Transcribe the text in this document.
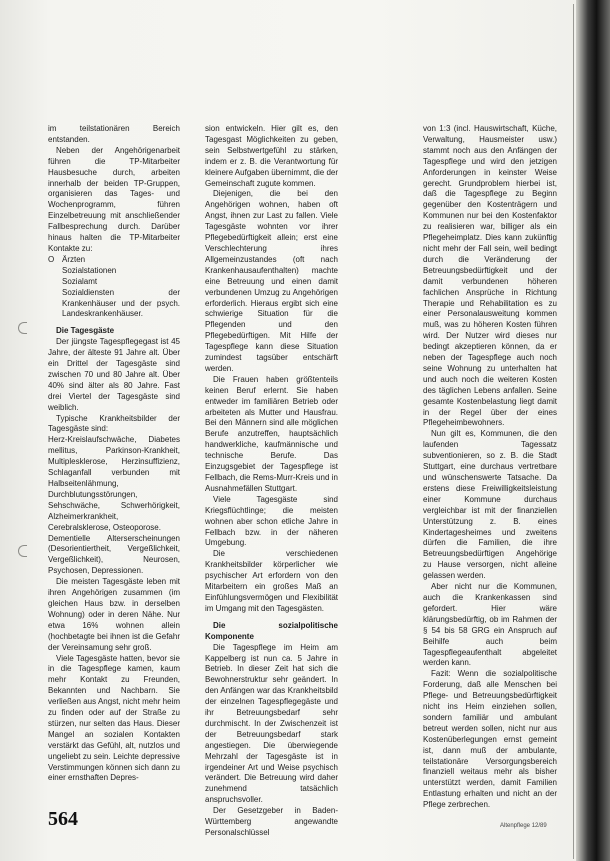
im teilstationären Bereich entstanden.

Neben der Angehörigenarbeit führen die TP-Mitarbeiter Hausbesuche durch, arbeiten innerhalb der beiden TP-Gruppen, organisieren das Tages- und Wochenprogramm, führen Einzelbetreuung mit anschließender Fallbesprechung durch. Darüber hinaus halten die TP-Mitarbeiter Kontakte zu:

O Ärzten
Sozialstationen
Sozialamt
Sozialdiensten der Krankenhäuser und der psych. Landeskrankenhäuser.

Die Tagesgäste

Der jüngste Tagespflegegast ist 45 Jahre, der älteste 91 Jahre alt. Über ein Drittel der Tagesgäste sind zwischen 70 und 80 Jahre alt. Über 40% sind älter als 80 Jahre. Fast drei Viertel der Tagesgäste sind weiblich.

Typische Krankheitsbilder der Tagesgäste sind:

Herz-Kreislaufschwäche, Diabetes mellitus, Parkinson-Krankheit, Multiplesklerose, Herzinsuffizienz, Schlaganfall verbunden mit Halbseitenlähmung, Durchblutungsstörungen, Sehschwäche, Schwerhörigkeit, Alzheimerkrankheit, Cerebralsklerose, Osteoporose.

Dementielle Alterserscheinungen (Desorientiertheit, Vergeßlichkeit, Vergeßlichkeit), Neurosen, Psychosen, Depressionen.

Die meisten Tagesgäste leben mit ihren Angehörigen zusammen (im gleichen Haus bzw. in derselben Wohnung) oder in deren Nähe. Nur etwa 16% wohnen allein (hochbetagte bei ihnen ist die Gefahr der Vereinsamung sehr groß.

Viele Tagesgäste hatten, bevor sie in die Tagespflege kamen, kaum mehr Kontakt zu Freunden, Bekannten und Nachbarn. Sie verließen aus Angst, nicht mehr heim zu finden oder auf der Straße zu stürzen, nur selten das Haus. Dieser Mangel an sozialen Kontakten verstärkt das Gefühl, alt, nutzlos und ungeliebt zu sein. Leichte depressive Verstimmungen können sich dann zu einer ernsthaften Depres-

sion entwickeln. Hier gilt es, den Tagesgast Möglichkeiten zu geben, sein Selbstwertgefühl zu stärken, indem er z. B. die Verantwortung für kleinere Aufgaben übernimmt, die der Gemeinschaft zugute kommen.

Diejenigen, die bei den Angehörigen wohnen, haben oft Angst, ihnen zur Last zu fallen. Viele Tagesgäste wohnten vor ihrer Pflegebedürftigkeit allein; erst eine Verschlechterung ihres Allgemeinzustandes (oft nach Krankenhausaufenthalten) machte eine Betreuung und einen damit verbundenen Umzug zu Angehörigen erforderlich. Hieraus ergibt sich eine schwierige Situation für die Pflegenden und den Pflegebedürftigen. Mit Hilfe der Tagespflege kann diese Situation zumindest tagsüber entschärft werden.

Die Frauen haben größtenteils keinen Beruf erlernt. Sie haben entweder im familiären Betrieb oder arbeiteten als Mutter und Hausfrau. Bei den Männern sind alle möglichen Berufe anzutreffen, hauptsächlich handwerkliche, kaufmännische und technische Berufe. Das Einzugsgebiet der Tagespflege ist Fellbach, die Rems-Murr-Kreis und in Ausnahmefällen Stuttgart.

Viele Tagesgäste sind Kriegsflüchtlinge; die meisten wohnen aber schon etliche Jahre in Fellbach bzw. in der näheren Umgebung.

Die verschiedenen Krankheitsbilder körperlicher wie psychischer Art erfordern von den Mitarbeitern ein großes Maß an Einfühlungsvermögen und Flexibilität im Umgang mit den Tagesgästen.

Die sozialpolitische Komponente

Die Tagespflege im Heim am Kappelberg ist nun ca. 5 Jahre in Betrieb. In dieser Zeit hat sich die Bewohnerstruktur sehr geändert. In den Anfängen war das Krankheitsbild der einzelnen Tagespflegegäste und ihr Betreuungsbedarf sehr durchmischt. In der Zwischenzeit ist der Betreuungsbedarf stark angestiegen. Die überwiegende Mehrzahl der Tagesgäste ist in irgendeiner Art und Weise psychisch verändert. Die Betreuung wird daher zunehmend tatsächlich anspruchsvoller.

Der Gesetzgeber in Baden-Württemberg angewandte Personalschlüssel

von 1:3 (incl. Hauswirtschaft, Küche, Verwaltung, Hausmeister usw.) stammt noch aus den Anfängen der Tagespflege und wird den jetzigen Anforderungen in keinster Weise gerecht. Grundproblem hierbei ist, daß die Tagespflege zu Beginn gegenüber den Kostenträgern und Kommunen nur bei den Kostenfaktor zu realisieren war, billiger als ein Pflegeheimplatz. Dies kann zukünftig nicht mehr der Fall sein, weil bedingt durch die Veränderung der Betreuungsbedürftigkeit und der damit verbundenen höheren fachlichen Ansprüche in Richtung Therapie und Rehabilitation es zu einer Personalausweitung kommen muß, was zu höheren Kosten führen wird. Der Nutzer wird dieses nur bedingt akzeptieren können, da er neben der Tagespflege auch noch seine Wohnung zu unterhalten hat und auch noch die weiteren Kosten des täglichen Lebens anfallen. Seine gesamte Kostenbelastung liegt damit in der Regel über der eines Pflegeheimbewohners.

Nun gilt es, Kommunen, die den laufenden Tagessatz subventionieren, so z. B. die Stadt Stuttgart, eine durchaus vertretbare und wünschenswerte Tatsache. Da erstens diese Freiwilligkeitsleistung einer Kommune durchaus vergleichbar ist mit der finanziellen Unterstützung z. B. eines Kindertagesheimes und zweitens dürfen die Familien, die ihre Betreuungsbedürftigen Angehörige zu Hause versorgen, nicht alleine gelassen werden.

Aber nicht nur die Kommunen, auch die Krankenkassen sind gefordert. Hier wäre klärungsbedürftig, ob im Rahmen der § 54 bis 58 GRG ein Anspruch auf Beihilfe auch beim Tagespflegeaufenthalt abgeleitet werden kann.

Fazit: Wenn die sozialpolitische Forderung, daß alle Menschen bei Pflege- und Betreuungsbedürftigkeit nicht ins Heim einziehen sollen, sondern familiär und ambulant betreut werden sollen, nicht nur aus Kostenüberlegungen ernst gemeint ist, dann muß der ambulante, teilstationäre Versorgungsbereich finanziell weitaus mehr als bisher unterstützt werden, damit Familien Entlastung erhalten und nicht an der Pflege zerbrechen.

564	Altenpflege 12/89
